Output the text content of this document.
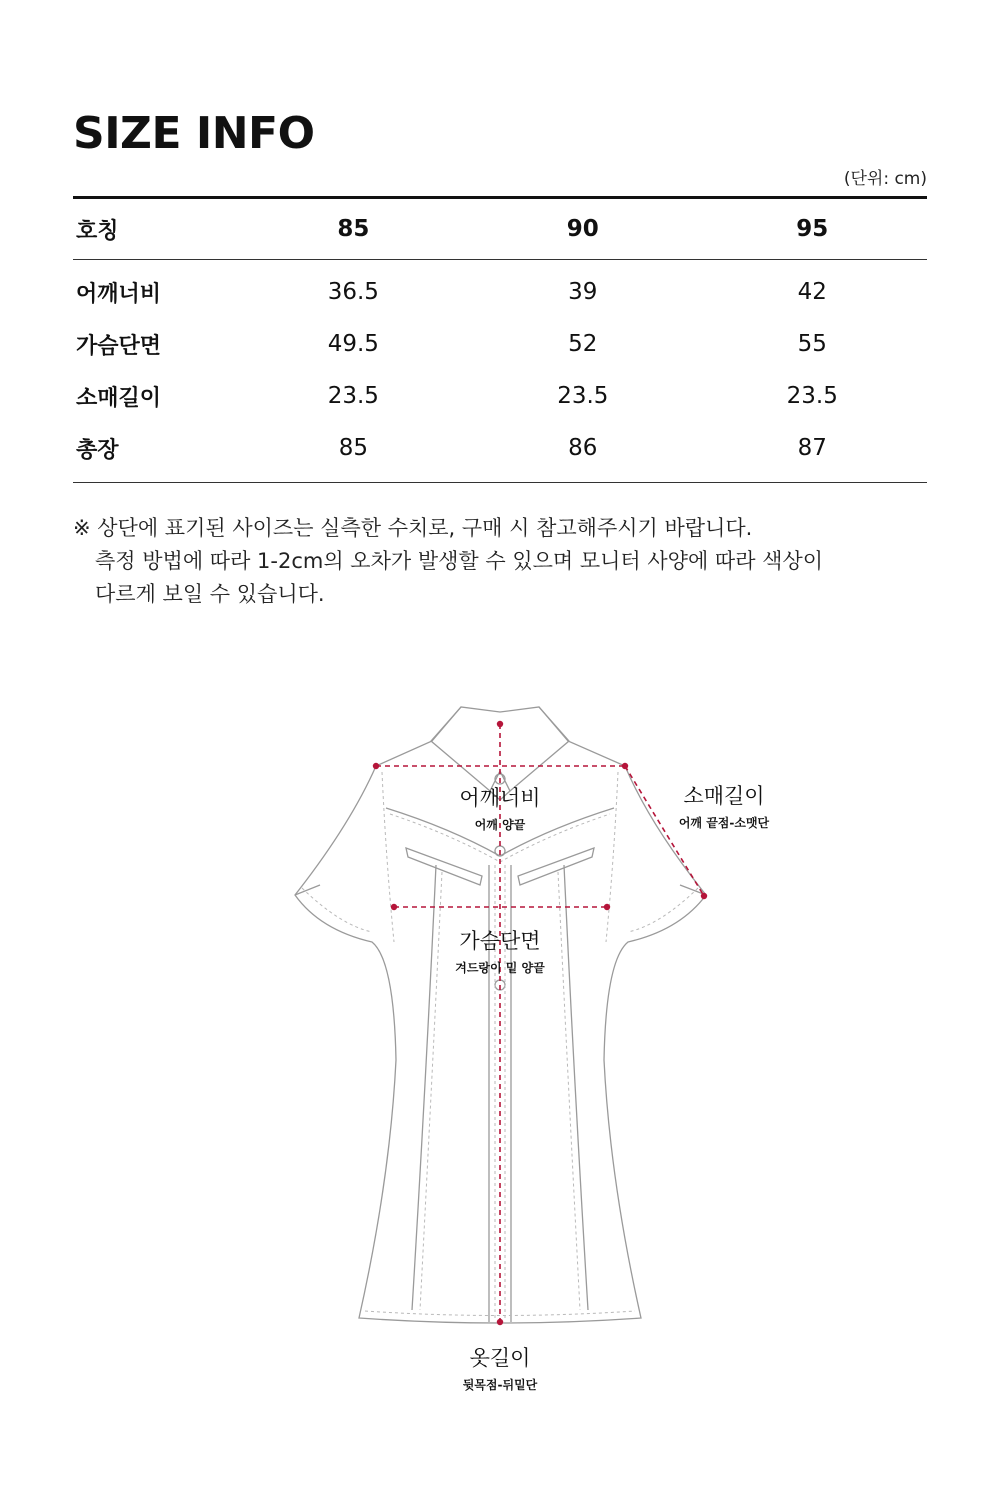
SIZE INFO
(단위: cm)
호칭	85	90	95
어깨너비	36.5	39	42
가슴단면	49.5	52	55
소매길이	23.5	23.5	23.5
총장	85	86	87
※ 상단에 표기된 사이즈는 실측한 수치로, 구매 시 참고해주시기 바랍니다.
측정 방법에 따라 1-2cm의 오차가 발생할 수 있으며 모니터 사양에 따라 색상이
다르게 보일 수 있습니다.
어깨너비
어깨 양끝
소매길이
어깨 끝점-소맷단
가슴단면
겨드랑이 밑 양끝
옷길이
뒷목점-뒤밑단
